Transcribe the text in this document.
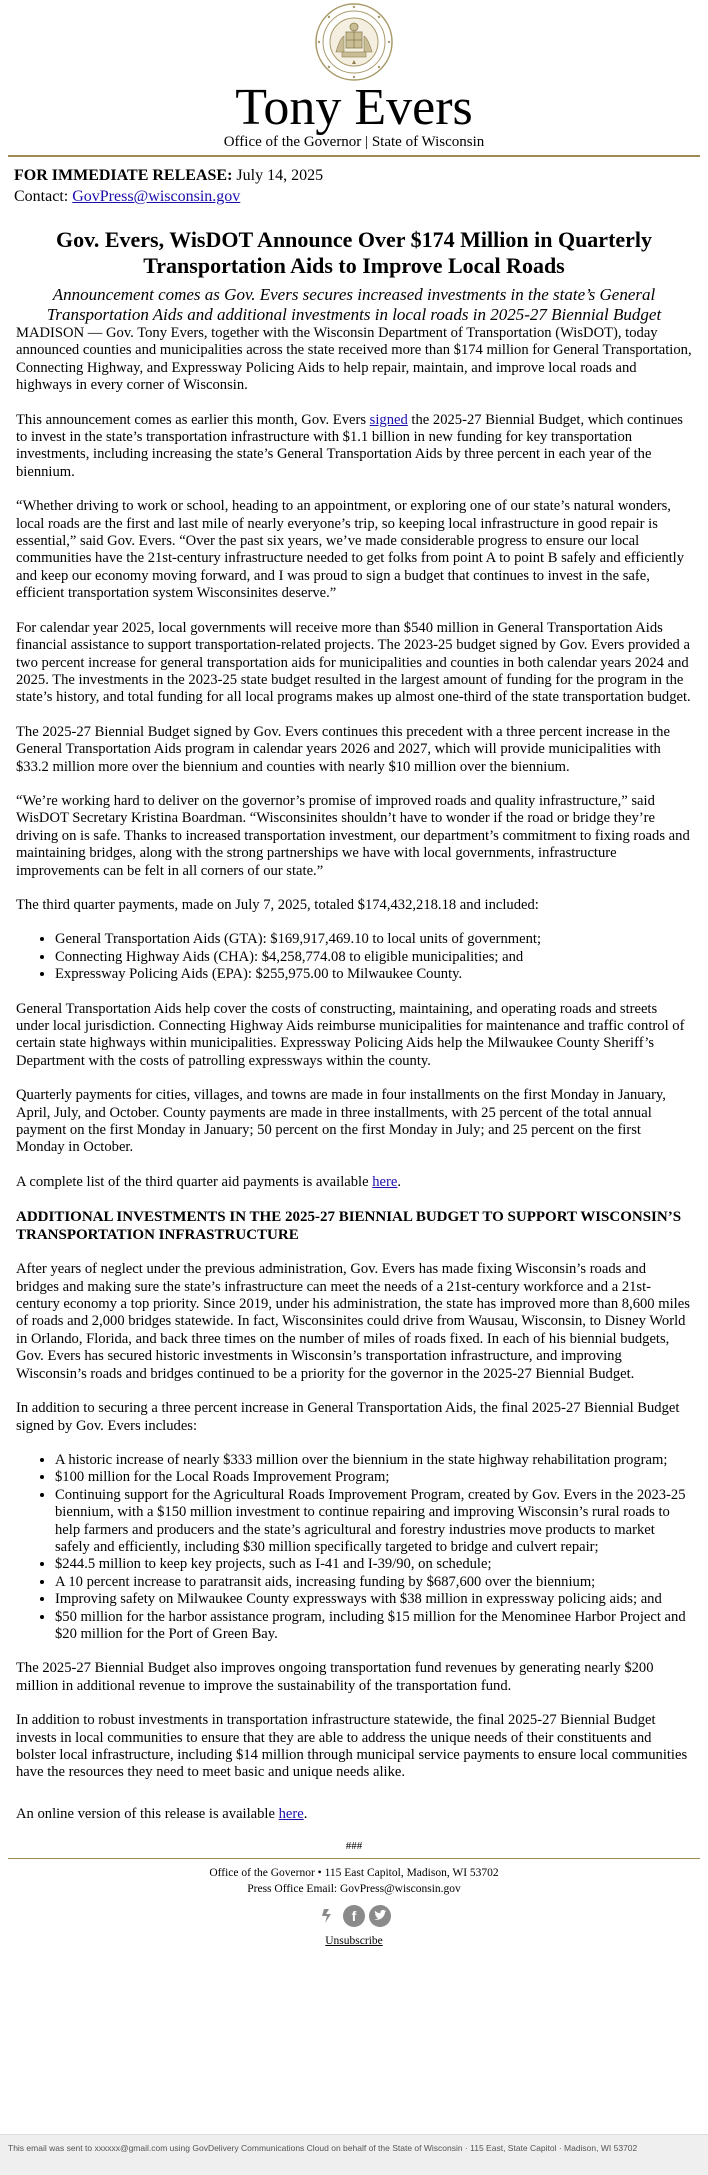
Tony Evers
Office of the Governor | State of Wisconsin
FOR IMMEDIATE RELEASE: July 14, 2025
Contact: GovPress@wisconsin.gov
Gov. Evers, WisDOT Announce Over $174 Million in Quarterly Transportation Aids to Improve Local Roads
Announcement comes as Gov. Evers secures increased investments in the state’s General Transportation Aids and additional investments in local roads in 2025-27 Biennial Budget

MADISON — Gov. Tony Evers, together with the Wisconsin Department of Transportation (WisDOT), today announced counties and municipalities across the state received more than $174 million for General Transportation, Connecting Highway, and Expressway Policing Aids to help repair, maintain, and improve local roads and highways in every corner of Wisconsin.

This announcement comes as earlier this month, Gov. Evers signed the 2025-27 Biennial Budget, which continues to invest in the state’s transportation infrastructure with $1.1 billion in new funding for key transportation investments, including increasing the state’s General Transportation Aids by three percent in each year of the biennium.

“Whether driving to work or school, heading to an appointment, or exploring one of our state’s natural wonders, local roads are the first and last mile of nearly everyone’s trip, so keeping local infrastructure in good repair is essential,” said Gov. Evers. “Over the past six years, we’ve made considerable progress to ensure our local communities have the 21st-century infrastructure needed to get folks from point A to point B safely and efficiently and keep our economy moving forward, and I was proud to sign a budget that continues to invest in the safe, efficient transportation system Wisconsinites deserve.”

For calendar year 2025, local governments will receive more than $540 million in General Transportation Aids financial assistance to support transportation-related projects. The 2023-25 budget signed by Gov. Evers provided a two percent increase for general transportation aids for municipalities and counties in both calendar years 2024 and 2025. The investments in the 2023-25 state budget resulted in the largest amount of funding for the program in the state’s history, and total funding for all local programs makes up almost one-third of the state transportation budget.

The 2025-27 Biennial Budget signed by Gov. Evers continues this precedent with a three percent increase in the General Transportation Aids program in calendar years 2026 and 2027, which will provide municipalities with $33.2 million more over the biennium and counties with nearly $10 million over the biennium.

“We’re working hard to deliver on the governor’s promise of improved roads and quality infrastructure,” said WisDOT Secretary Kristina Boardman. “Wisconsinites shouldn’t have to wonder if the road or bridge they’re driving on is safe. Thanks to increased transportation investment, our department’s commitment to fixing roads and maintaining bridges, along with the strong partnerships we have with local governments, infrastructure improvements can be felt in all corners of our state.”

The third quarter payments, made on July 7, 2025, totaled $174,432,218.18 and included:

• General Transportation Aids (GTA): $169,917,469.10 to local units of government;
• Connecting Highway Aids (CHA): $4,258,774.08 to eligible municipalities; and
• Expressway Policing Aids (EPA): $255,975.00 to Milwaukee County.

General Transportation Aids help cover the costs of constructing, maintaining, and operating roads and streets under local jurisdiction. Connecting Highway Aids reimburse municipalities for maintenance and traffic control of certain state highways within municipalities. Expressway Policing Aids help the Milwaukee County Sheriff’s Department with the costs of patrolling expressways within the county.

Quarterly payments for cities, villages, and towns are made in four installments on the first Monday in January, April, July, and October. County payments are made in three installments, with 25 percent of the total annual payment on the first Monday in January; 50 percent on the first Monday in July; and 25 percent on the first Monday in October.

A complete list of the third quarter aid payments is available here.

ADDITIONAL INVESTMENTS IN THE 2025-27 BIENNIAL BUDGET TO SUPPORT WISCONSIN’S TRANSPORTATION INFRASTRUCTURE

After years of neglect under the previous administration, Gov. Evers has made fixing Wisconsin’s roads and bridges and making sure the state’s infrastructure can meet the needs of a 21st-century workforce and a 21st-century economy a top priority. Since 2019, under his administration, the state has improved more than 8,600 miles of roads and 2,000 bridges statewide. In fact, Wisconsinites could drive from Wausau, Wisconsin, to Disney World in Orlando, Florida, and back three times on the number of miles of roads fixed. In each of his biennial budgets, Gov. Evers has secured historic investments in Wisconsin’s transportation infrastructure, and improving Wisconsin’s roads and bridges continued to be a priority for the governor in the 2025-27 Biennial Budget.

In addition to securing a three percent increase in General Transportation Aids, the final 2025-27 Biennial Budget signed by Gov. Evers includes:

• A historic increase of nearly $333 million over the biennium in the state highway rehabilitation program;
• $100 million for the Local Roads Improvement Program;
• Continuing support for the Agricultural Roads Improvement Program, created by Gov. Evers in the 2023-25 biennium, with a $150 million investment to continue repairing and improving Wisconsin’s rural roads to help farmers and producers and the state’s agricultural and forestry industries move products to market safely and efficiently, including $30 million specifically targeted to bridge and culvert repair;
• $244.5 million to keep key projects, such as I-41 and I-39/90, on schedule;
• A 10 percent increase to paratransit aids, increasing funding by $687,600 over the biennium;
• Improving safety on Milwaukee County expressways with $38 million in expressway policing aids; and
• $50 million for the harbor assistance program, including $15 million for the Menominee Harbor Project and $20 million for the Port of Green Bay.

The 2025-27 Biennial Budget also improves ongoing transportation fund revenues by generating nearly $200 million in additional revenue to improve the sustainability of the transportation fund.

In addition to robust investments in transportation infrastructure statewide, the final 2025-27 Biennial Budget invests in local communities to ensure that they are able to address the unique needs of their constituents and bolster local infrastructure, including $14 million through municipal service payments to ensure local communities have the resources they need to meet basic and unique needs alike.

An online version of this release is available here.

###
Office of the Governor • 115 East Capitol, Madison, WI 53702
Press Office Email: GovPress@wisconsin.gov
f
Unsubscribe
This email was sent to xxxxxx@gmail.com using GovDelivery Communications Cloud on behalf of the State of Wisconsin · 115 East, State Capitol · Madison, WI 53702
